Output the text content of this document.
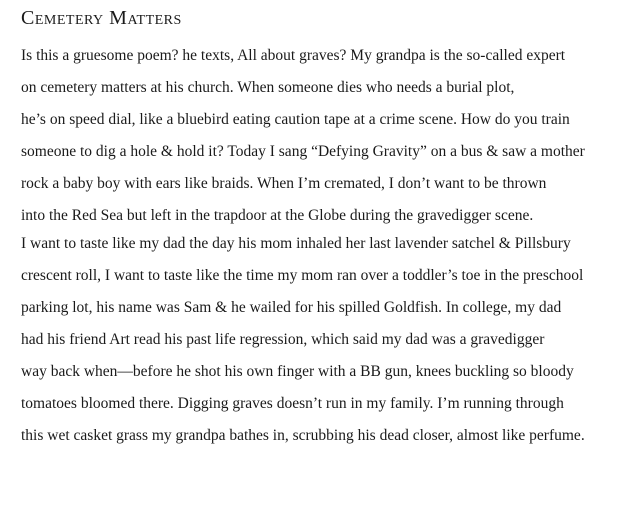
Cemetery Matters

Is this a gruesome poem? he texts, All about graves? My grandpa is the so-called expert

on cemetery matters at his church. When someone dies who needs a burial plot,

he’s on speed dial, like a bluebird eating caution tape at a crime scene. How do you train

someone to dig a hole & hold it? Today I sang “Defying Gravity” on a bus & saw a mother

rock a baby boy with ears like braids. When I’m cremated, I don’t want to be thrown

into the Red Sea but left in the trapdoor at the Globe during the gravedigger scene.

I want to taste like my dad the day his mom inhaled her last lavender satchel & Pillsbury

crescent roll, I want to taste like the time my mom ran over a toddler’s toe in the preschool

parking lot, his name was Sam & he wailed for his spilled Goldfish. In college, my dad

had his friend Art read his past life regression, which said my dad was a gravedigger

way back when—before he shot his own finger with a BB gun, knees buckling so bloody

tomatoes bloomed there. Digging graves doesn’t run in my family. I’m running through

this wet casket grass my grandpa bathes in, scrubbing his dead closer, almost like perfume.
